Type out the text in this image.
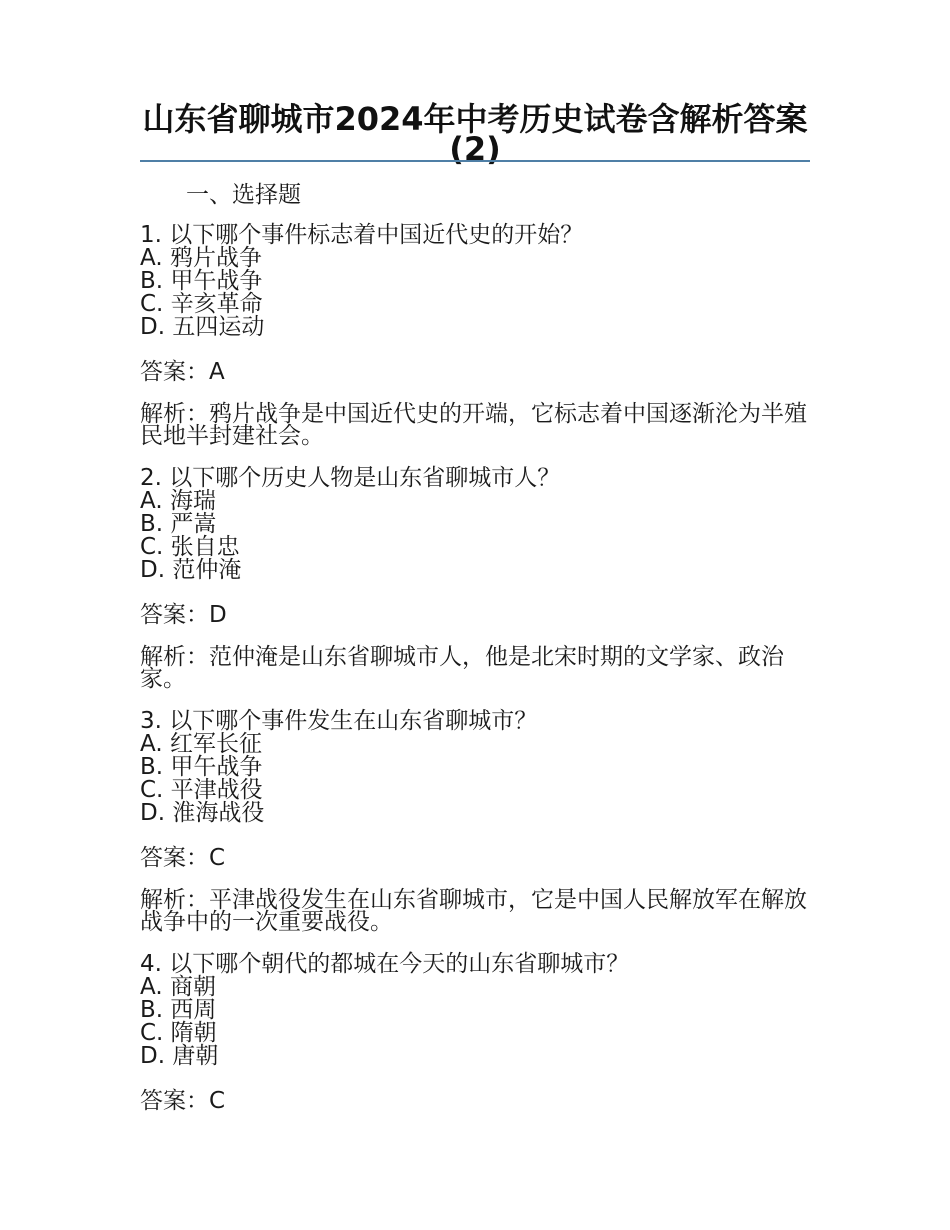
山东省聊城市2024年中考历史试卷含解析答案(2)
一、选择题
1. 以下哪个事件标志着中国近代史的开始？
A. 鸦片战争
B. 甲午战争
C. 辛亥革命
D. 五四运动
答案：A
解析：鸦片战争是中国近代史的开端，它标志着中国逐渐沦为半殖民地半封建社会。
2. 以下哪个历史人物是山东省聊城市人？
A. 海瑞
B. 严嵩
C. 张自忠
D. 范仲淹
答案：D
解析：范仲淹是山东省聊城市人，他是北宋时期的文学家、政治家。
3. 以下哪个事件发生在山东省聊城市？
A. 红军长征
B. 甲午战争
C. 平津战役
D. 淮海战役
答案：C
解析：平津战役发生在山东省聊城市，它是中国人民解放军在解放战争中的一次重要战役。
4. 以下哪个朝代的都城在今天的山东省聊城市？
A. 商朝
B. 西周
C. 隋朝
D. 唐朝
答案：C
